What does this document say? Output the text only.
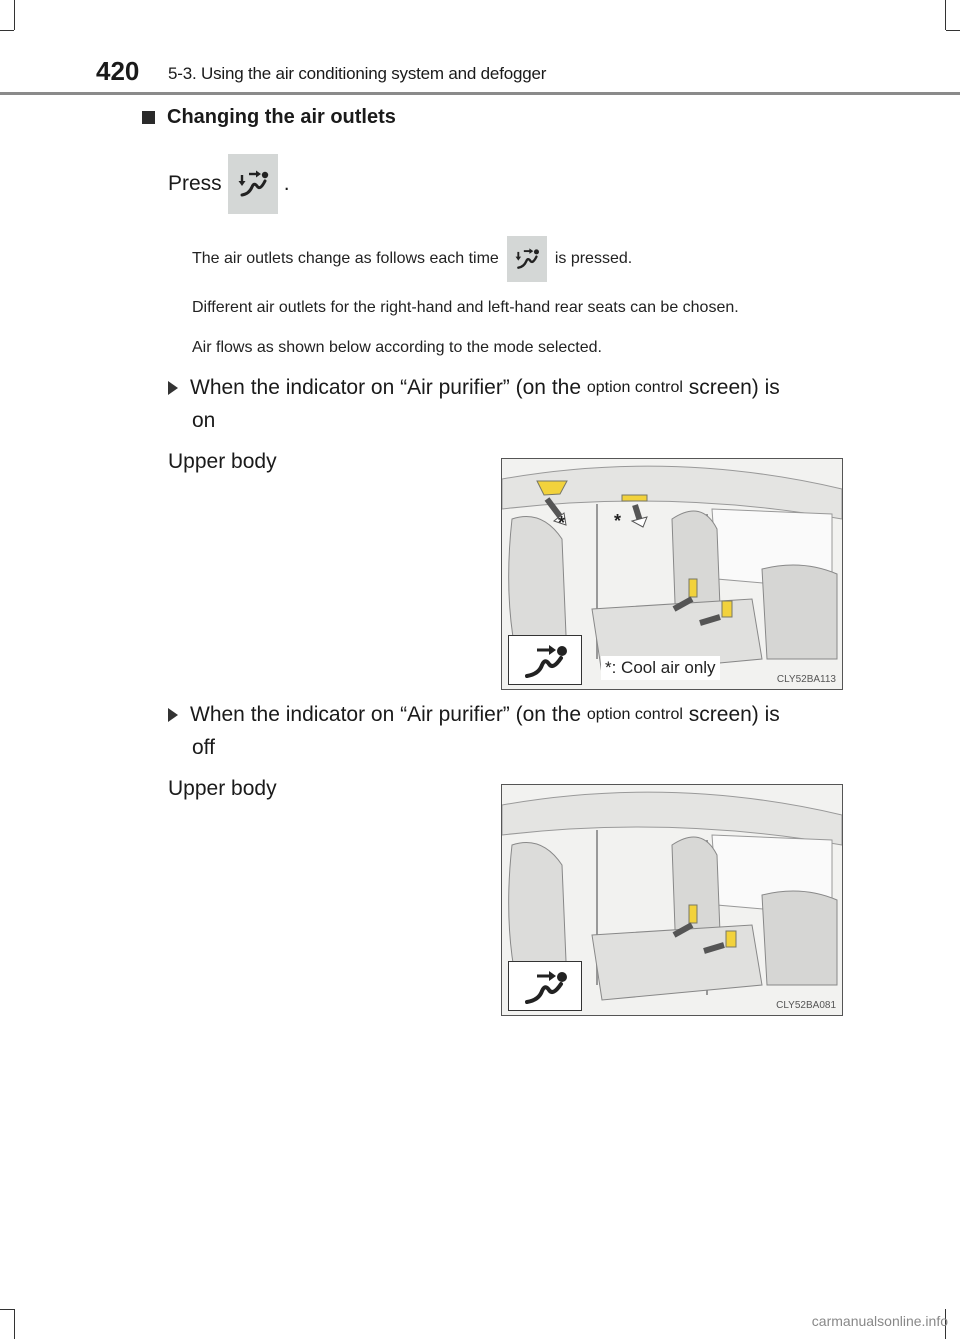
420 5-3. Using the air conditioning system and defogger
Changing the air outlets
Press	.
The air outlets change as follows each time	is pressed.
Different air outlets for the right-hand and left-hand rear seats can be chosen.
Air flows as shown below according to the mode selected.
When the indicator on “Air purifier” (on the
option control
screen) is
on
Upper body
*	*
*: Cool air only
CLY52BA113
When the indicator on “Air purifier” (on the
option control
screen) is
off
Upper body
CLY52BA081
carmanualsonline.info
